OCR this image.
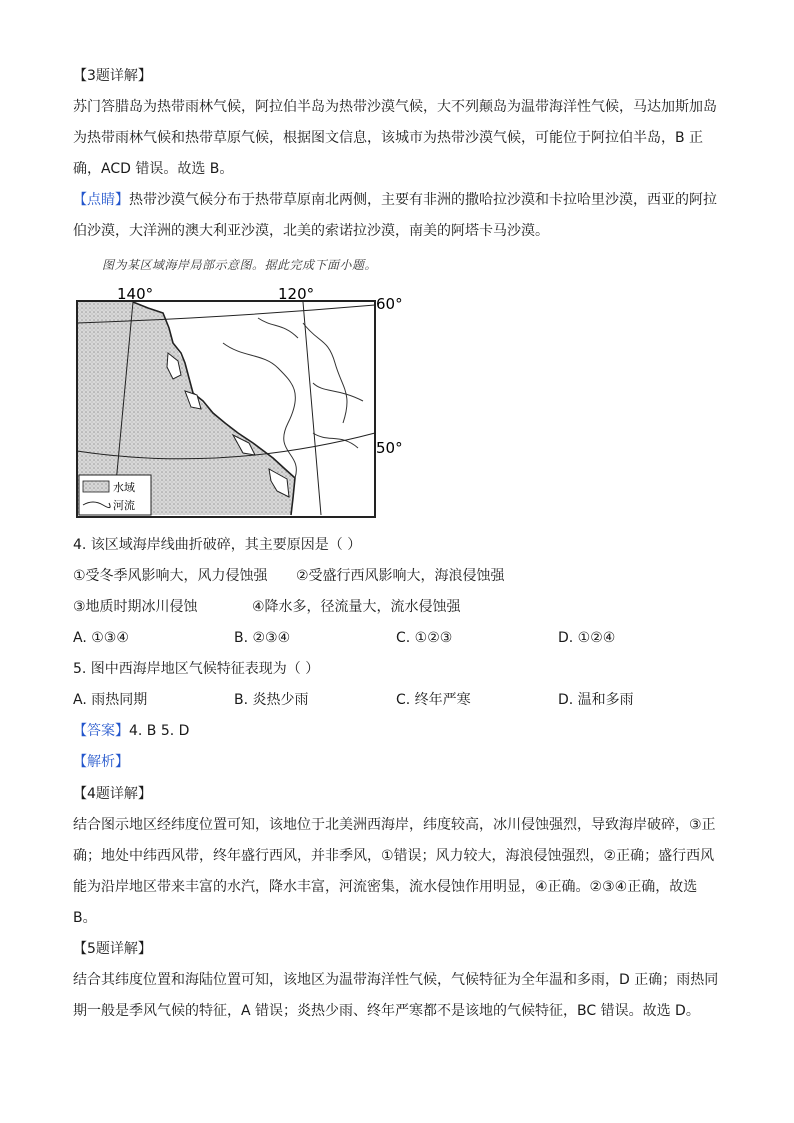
【3题详解】
苏门答腊岛为热带雨林气候，阿拉伯半岛为热带沙漠气候，大不列颠岛为温带海洋性气候，马达加斯加岛
为热带雨林气候和热带草原气候，根据图文信息，该城市为热带沙漠气候，可能位于阿拉伯半岛，B 正
确，ACD 错误。故选 B。
【点睛】热带沙漠气候分布于热带草原南北两侧，主要有非洲的撒哈拉沙漠和卡拉哈里沙漠，西亚的阿拉
伯沙漠，大洋洲的澳大利亚沙漠，北美的索诺拉沙漠，南美的阿塔卡马沙漠。
图为某区域海岸局部示意图。据此完成下面小题。
140°	120°
60°
50°
水域
河流
4. 该区域海岸线曲折破碎，其主要原因是（ ）
①受冬季风影响大，风力侵蚀强 ②受盛行西风影响大，海浪侵蚀强
③地质时期冰川侵蚀	④降水多，径流量大，流水侵蚀强
A. ①③④	B. ②③④	C. ①②③	D. ①②④
5. 图中西海岸地区气候特征表现为（ ）
A. 雨热同期	B. 炎热少雨	C. 终年严寒	D. 温和多雨
【答案】4. B 5. D
【解析】
【4题详解】
结合图示地区经纬度位置可知，该地位于北美洲西海岸，纬度较高，冰川侵蚀强烈，导致海岸破碎，③正
确；地处中纬西风带，终年盛行西风，并非季风，①错误；风力较大，海浪侵蚀强烈，②正确；盛行西风
能为沿岸地区带来丰富的水汽，降水丰富，河流密集，流水侵蚀作用明显，④正确。②③④正确，故选
B。
【5题详解】
结合其纬度位置和海陆位置可知，该地区为温带海洋性气候，气候特征为全年温和多雨，D 正确；雨热同
期一般是季风气候的特征，A 错误；炎热少雨、终年严寒都不是该地的气候特征，BC 错误。故选 D。
